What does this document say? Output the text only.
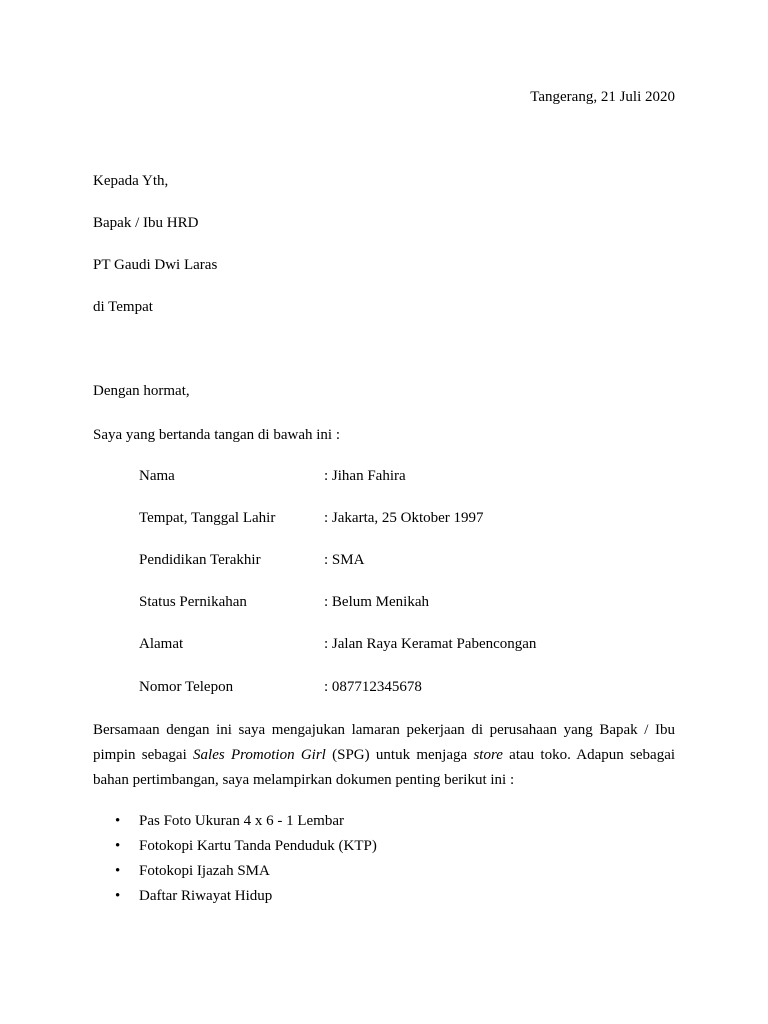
Tangerang, 21 Juli 2020
Kepada Yth,
Bapak / Ibu HRD
PT Gaudi Dwi Laras
di Tempat
Dengan hormat,
Saya yang bertanda tangan di bawah ini :
Nama	: Jihan Fahira
Tempat, Tanggal Lahir	: Jakarta, 25 Oktober 1997
Pendidikan Terakhir	: SMA
Status Pernikahan	: Belum Menikah
Alamat	: Jalan Raya Keramat Pabencongan
Nomor Telepon	: 087712345678
Bersamaan dengan ini saya mengajukan lamaran pekerjaan di perusahaan yang Bapak / Ibu
pimpin sebagai Sales Promotion Girl (SPG) untuk menjaga store atau toko. Adapun sebagai
bahan pertimbangan, saya melampirkan dokumen penting berikut ini :
• Pas Foto Ukuran 4 x 6 - 1 Lembar
• Fotokopi Kartu Tanda Penduduk (KTP)
• Fotokopi Ijazah SMA
• Daftar Riwayat Hidup
